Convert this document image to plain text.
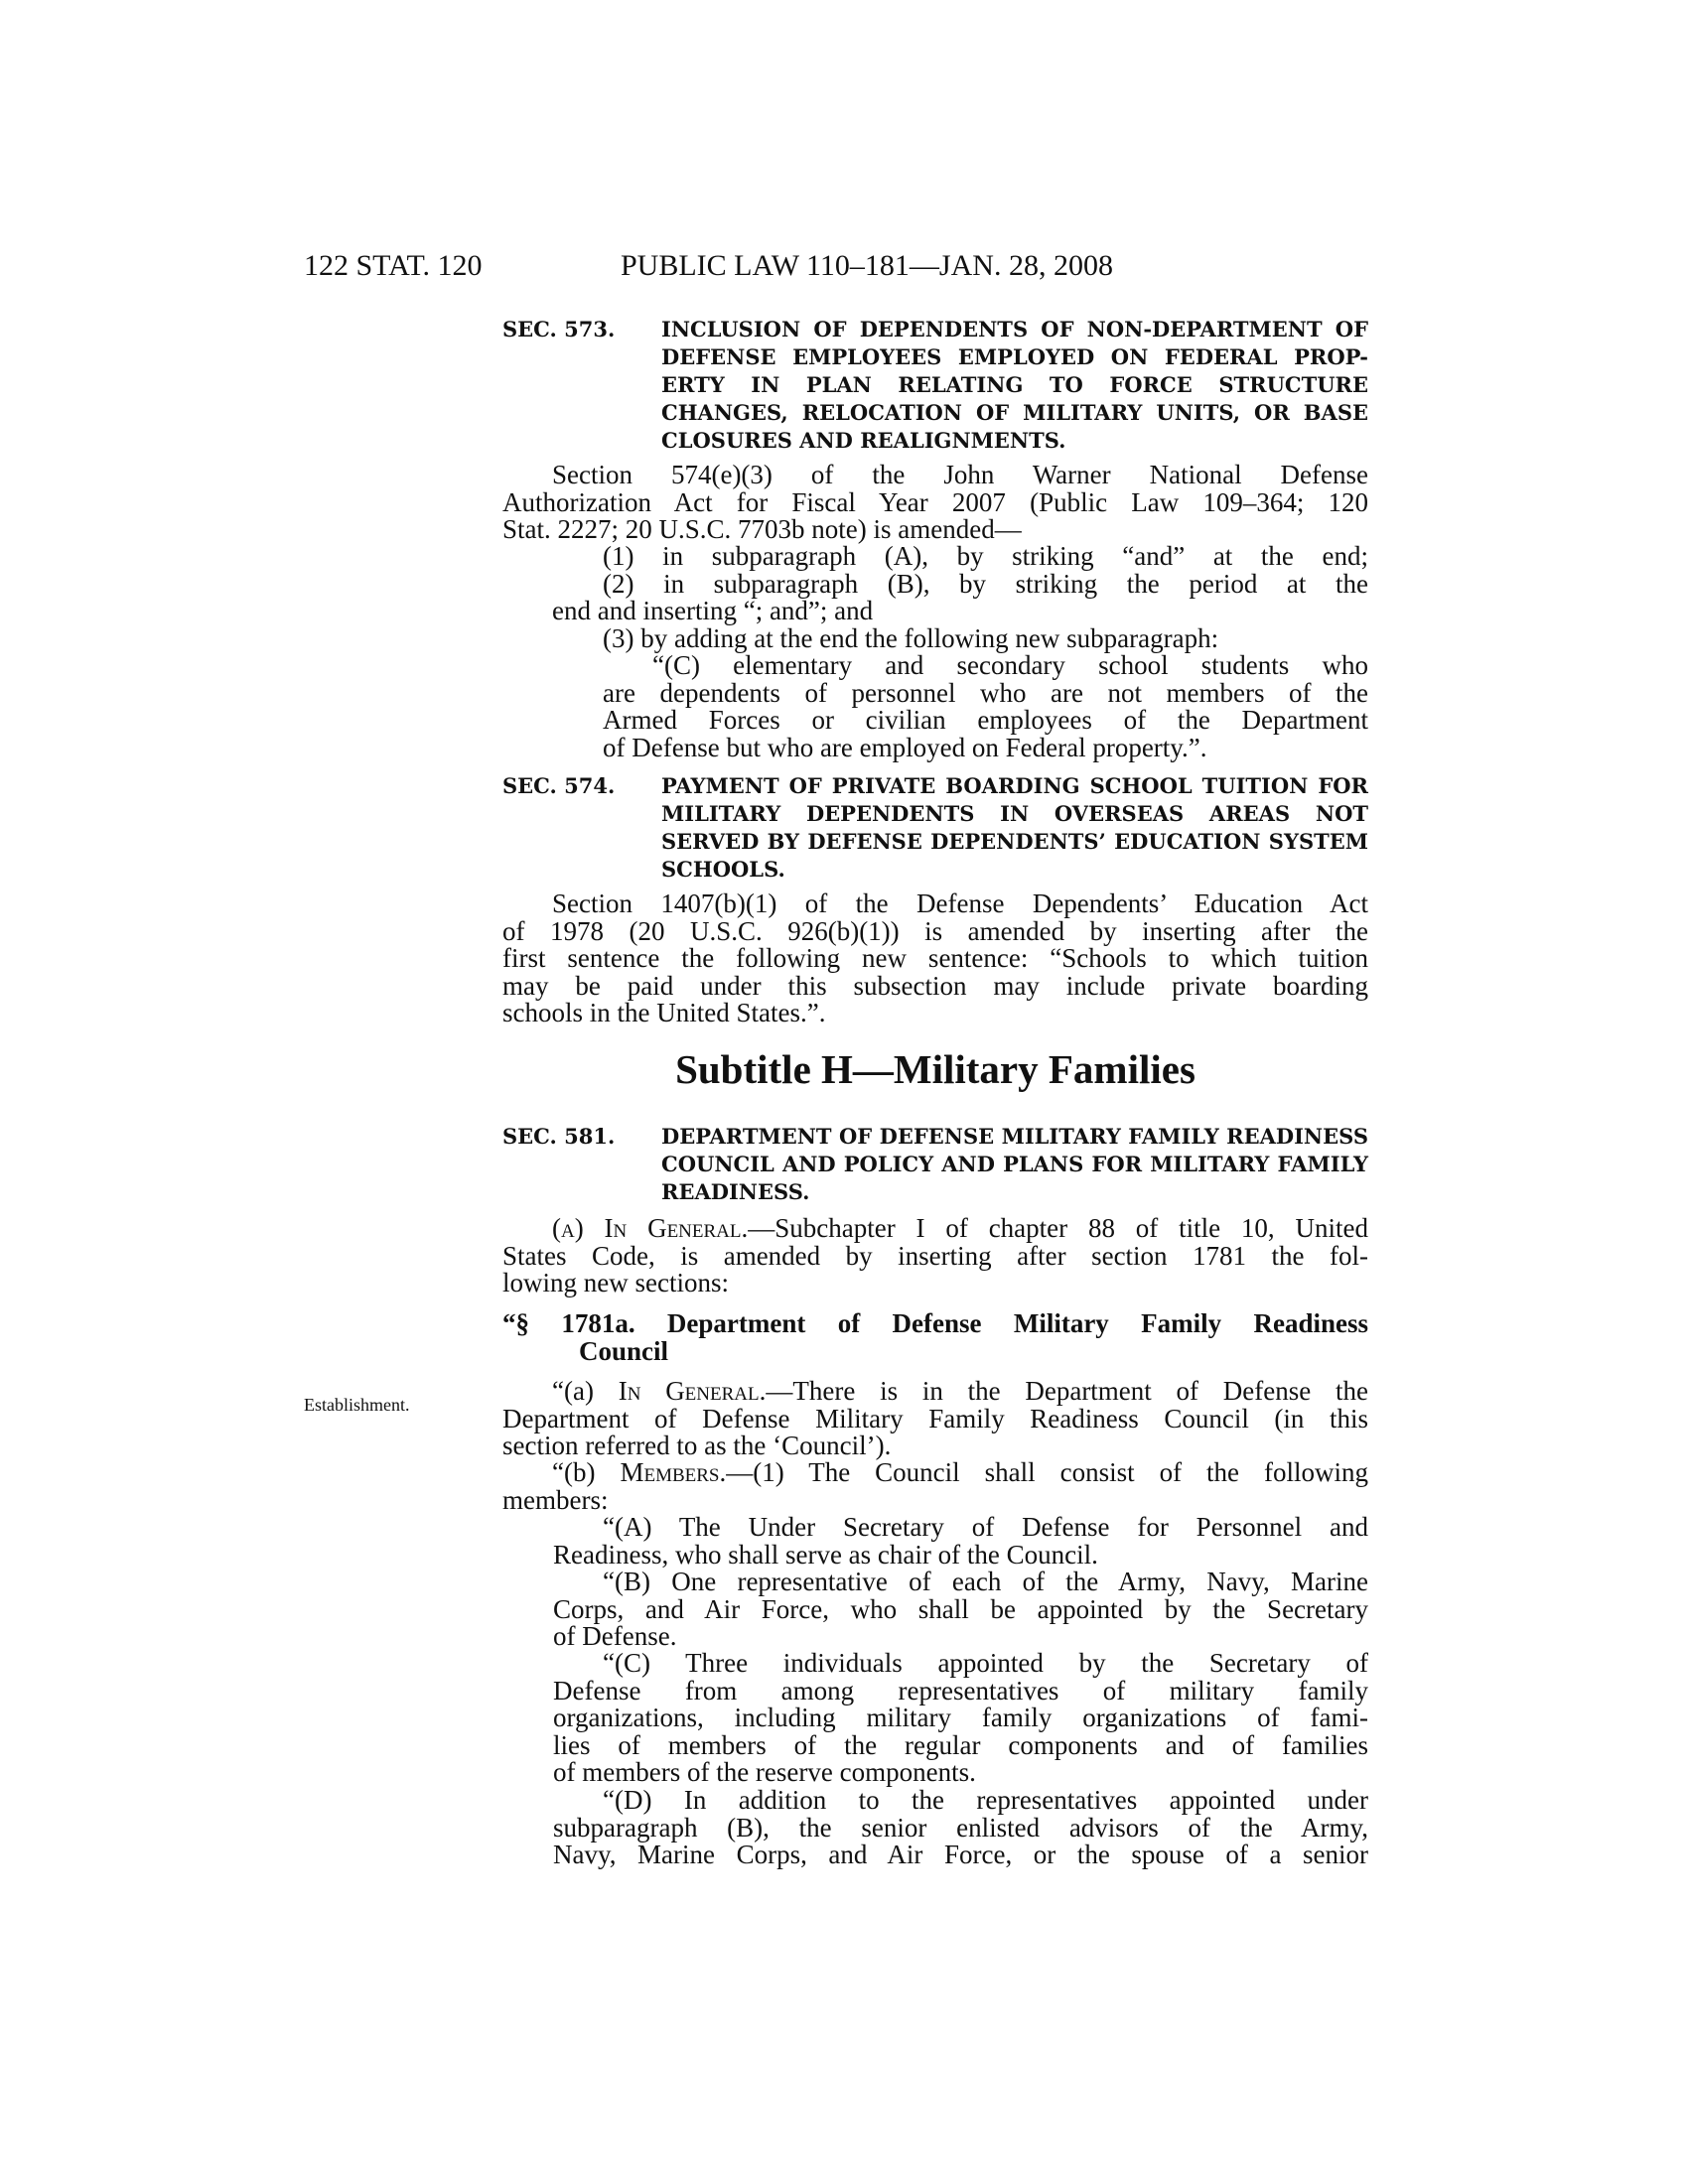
122 STAT. 120	PUBLIC LAW 110–181—JAN. 28, 2008
SEC. 573. INCLUSION OF DEPENDENTS OF NON-DEPARTMENT OF
DEFENSE EMPLOYEES EMPLOYED ON FEDERAL PROP-
ERTY IN PLAN RELATING TO FORCE STRUCTURE
CHANGES, RELOCATION OF MILITARY UNITS, OR BASE
CLOSURES AND REALIGNMENTS.
Section 574(e)(3) of the John Warner National Defense
Authorization Act for Fiscal Year 2007 (Public Law 109–364; 120
Stat. 2227; 20 U.S.C. 7703b note) is amended—
(1) in subparagraph (A), by striking “and” at the end;
(2) in subparagraph (B), by striking the period at the
end and inserting “; and”; and
(3) by adding at the end the following new subparagraph:
“(C) elementary and secondary school students who
are dependents of personnel who are not members of the
Armed Forces or civilian employees of the Department
of Defense but who are employed on Federal property.”.
SEC. 574. PAYMENT OF PRIVATE BOARDING SCHOOL TUITION FOR
MILITARY DEPENDENTS IN OVERSEAS AREAS NOT
SERVED BY DEFENSE DEPENDENTS’ EDUCATION SYSTEM
SCHOOLS.
Section 1407(b)(1) of the Defense Dependents’ Education Act
of 1978 (20 U.S.C. 926(b)(1)) is amended by inserting after the
first sentence the following new sentence: “Schools to which tuition
may be paid under this subsection may include private boarding
schools in the United States.”.
Subtitle H—Military Families
SEC. 581. DEPARTMENT OF DEFENSE MILITARY FAMILY READINESS
COUNCIL AND POLICY AND PLANS FOR MILITARY FAMILY
READINESS.
(a) In General.—Subchapter I of chapter 88 of title 10, United
States Code, is amended by inserting after section 1781 the fol-
lowing new sections:
“§ 1781a. Department of Defense Military Family Readiness
Council
Establishment.	“(a) In General.—There is in the Department of Defense the
Department of Defense Military Family Readiness Council (in this
section referred to as the ‘Council’).
“(b) Members.—(1) The Council shall consist of the following
members:
“(A) The Under Secretary of Defense for Personnel and
Readiness, who shall serve as chair of the Council.
“(B) One representative of each of the Army, Navy, Marine
Corps, and Air Force, who shall be appointed by the Secretary
of Defense.
“(C) Three individuals appointed by the Secretary of
Defense from among representatives of military family
organizations, including military family organizations of fami-
lies of members of the regular components and of families
of members of the reserve components.
“(D) In addition to the representatives appointed under
subparagraph (B), the senior enlisted advisors of the Army,
Navy, Marine Corps, and Air Force, or the spouse of a senior
